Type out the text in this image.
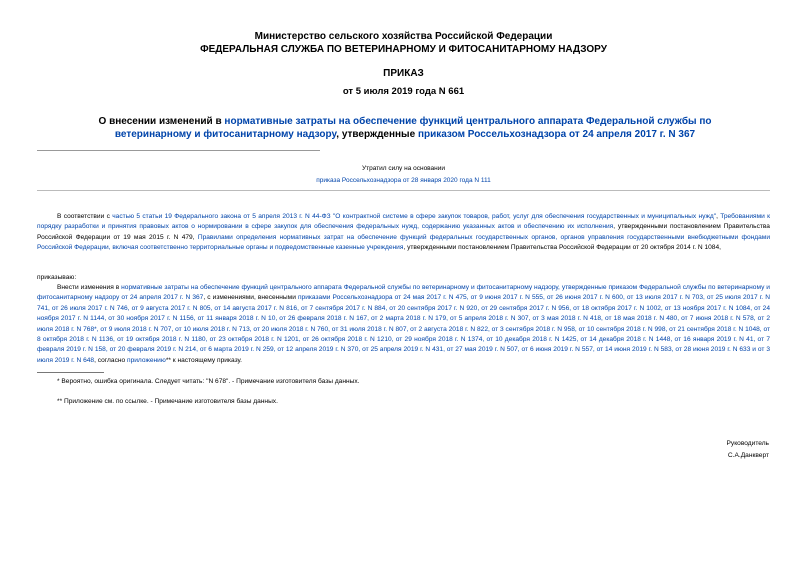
Министерство сельского хозяйства Российской Федерации
ФЕДЕРАЛЬНАЯ СЛУЖБА ПО ВЕТЕРИНАРНОМУ И ФИТОСАНИТАРНОМУ НАДЗОРУ
ПРИКАЗ
от 5 июля 2019 года N 661
О внесении изменений в нормативные затраты на обеспечение функций центрального аппарата Федеральной службы по ветеринарному и фитосанитарному надзору, утвержденные приказом Россельхознадзора от 24 апреля 2017 г. N 367
Утратил силу на основании
приказа Россельхознадзора от 28 января 2020 года N 111

В соответствии с частью 5 статьи 19 Федерального закона от 5 апреля 2013 г. N 44-ФЗ "О контрактной системе в сфере закупок товаров, работ, услуг для обеспечения государственных и муниципальных нужд", Требованиями к порядку разработки и принятия правовых актов о нормировании в сфере закупок для обеспечения федеральных нужд, содержанию указанных актов и обеспечению их исполнения, утвержденными постановлением Правительства Российской Федерации от 19 мая 2015 г. N 479, Правилами определения нормативных затрат на обеспечение функций федеральных государственных органов, органов управления государственными внебюджетными фондами Российской Федерации, включая соответственно территориальные органы и подведомственные казенные учреждения, утвержденными постановлением Правительства Российской Федерации от 20 октября 2014 г. N 1084,

приказываю:

Внести изменения в нормативные затраты на обеспечение функций центрального аппарата Федеральной службы по ветеринарному и фитосанитарному надзору, утвержденные приказом Федеральной службы по ветеринарному и фитосанитарному надзору от 24 апреля 2017 г. N 367, с изменениями, внесенными приказами Россельхознадзора от 24 мая 2017 г. N 475, от 9 июня 2017 г. N 555, от 26 июня 2017 г. N 600, от 13 июля 2017 г. N 703, от 25 июля 2017 г. N 741, от 26 июля 2017 г. N 746, от 9 августа 2017 г. N 805, от 14 августа 2017 г. N 816, от 7 сентября 2017 г. N 884, от 20 сентября 2017 г. N 920, от 29 сентября 2017 г. N 956, от 18 октября 2017 г. N 1002, от 13 ноября 2017 г. N 1084, от 24 ноября 2017 г. N 1144, от 30 ноября 2017 г. N 1156, от 11 января 2018 г. N 10, от 26 февраля 2018 г. N 167, от 2 марта 2018 г. N 179, от 5 апреля 2018 г. N 307, от 3 мая 2018 г. N 418, от 18 мая 2018 г. N 480, от 7 июня 2018 г. N 578, от 2 июля 2018 г. N 768*, от 9 июля 2018 г. N 707, от 10 июля 2018 г. N 713, от 20 июля 2018 г. N 760, от 31 июля 2018 г. N 807, от 2 августа 2018 г. N 822, от 3 сентября 2018 г. N 958, от 10 сентября 2018 г. N 998, от 21 сентября 2018 г. N 1048, от 8 октября 2018 г. N 1136, от 19 октября 2018 г. N 1180, от 23 октября 2018 г. N 1201, от 26 октября 2018 г. N 1210, от 29 ноября 2018 г. N 1374, от 10 декабря 2018 г. N 1425, от 14 декабря 2018 г. N 1448, от 16 января 2019 г. N 41, от 7 февраля 2019 г. N 158, от 20 февраля 2019 г. N 214, от 6 марта 2019 г. N 259, от 12 апреля 2019 г. N 370, от 25 апреля 2019 г. N 431, от 27 мая 2019 г. N 507, от 6 июня 2019 г. N 557, от 14 июня 2019 г. N 583, от 28 июня 2019 г. N 633 и от 3 июля 2019 г. N 648, согласно приложению** к настоящему приказу.

* Вероятно, ошибка оригинала. Следует читать: "N 678". - Примечание изготовителя базы данных.
** Приложение см. по ссылке. - Примечание изготовителя базы данных.
Руководитель
С.А.Данкверт
